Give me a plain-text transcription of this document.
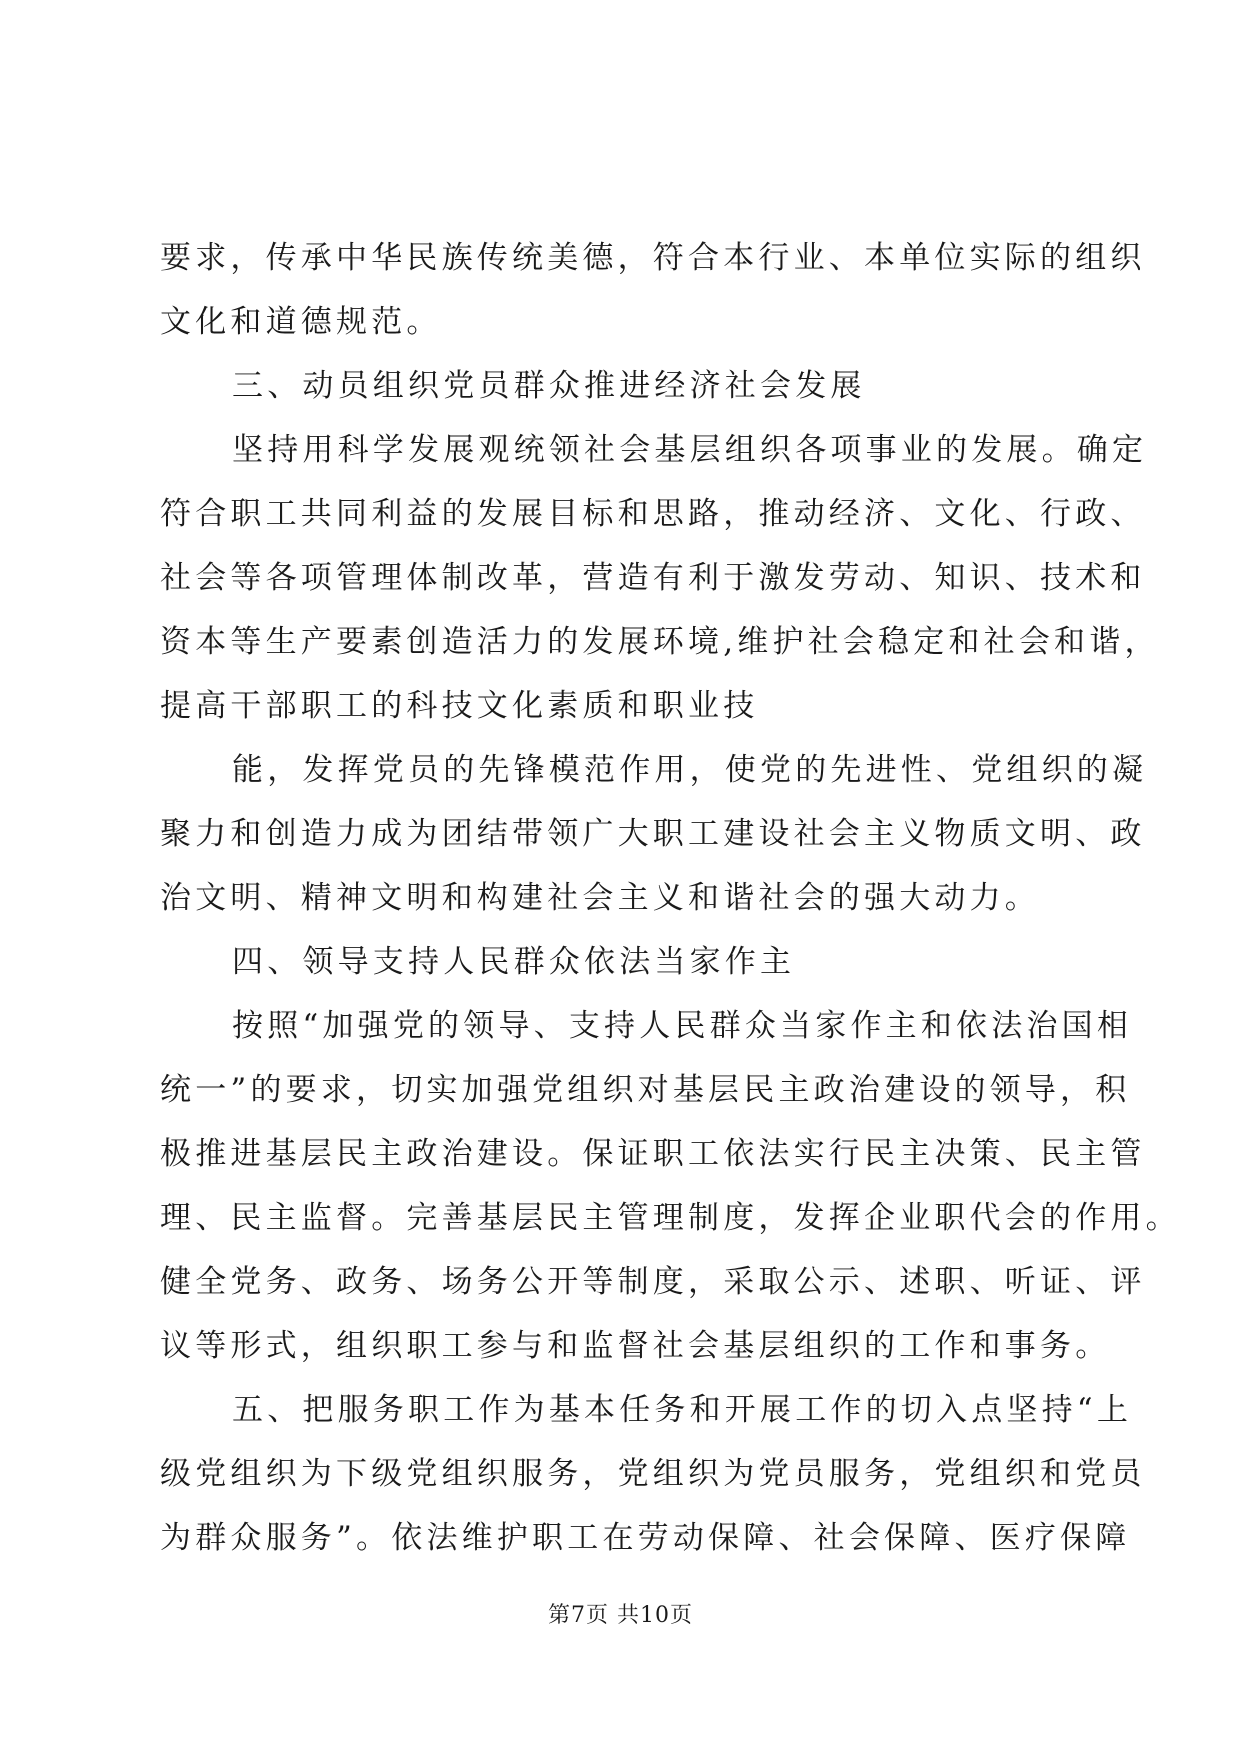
要求，传承中华民族传统美德，符合本行业、本单位实际的组织
文化和道德规范。
三、动员组织党员群众推进经济社会发展
坚持用科学发展观统领社会基层组织各项事业的发展。确定
符合职工共同利益的发展目标和思路，推动经济、文化、行政、
社会等各项管理体制改革，营造有利于激发劳动、知识、技术和
资本等生产要素创造活力的发展环境,维护社会稳定和社会和谐，
提高干部职工的科技文化素质和职业技
能，发挥党员的先锋模范作用，使党的先进性、党组织的凝
聚力和创造力成为团结带领广大职工建设社会主义物质文明、政
治文明、精神文明和构建社会主义和谐社会的强大动力。
四、领导支持人民群众依法当家作主
按照“加强党的领导、支持人民群众当家作主和依法治国相
统一”的要求，切实加强党组织对基层民主政治建设的领导，积
极推进基层民主政治建设。保证职工依法实行民主决策、民主管
理、民主监督。完善基层民主管理制度，发挥企业职代会的作用。
健全党务、政务、场务公开等制度，采取公示、述职、听证、评
议等形式，组织职工参与和监督社会基层组织的工作和事务。
五、把服务职工作为基本任务和开展工作的切入点坚持“上
级党组织为下级党组织服务，党组织为党员服务，党组织和党员
为群众服务”。依法维护职工在劳动保障、社会保障、医疗保障
第7页 共10页
